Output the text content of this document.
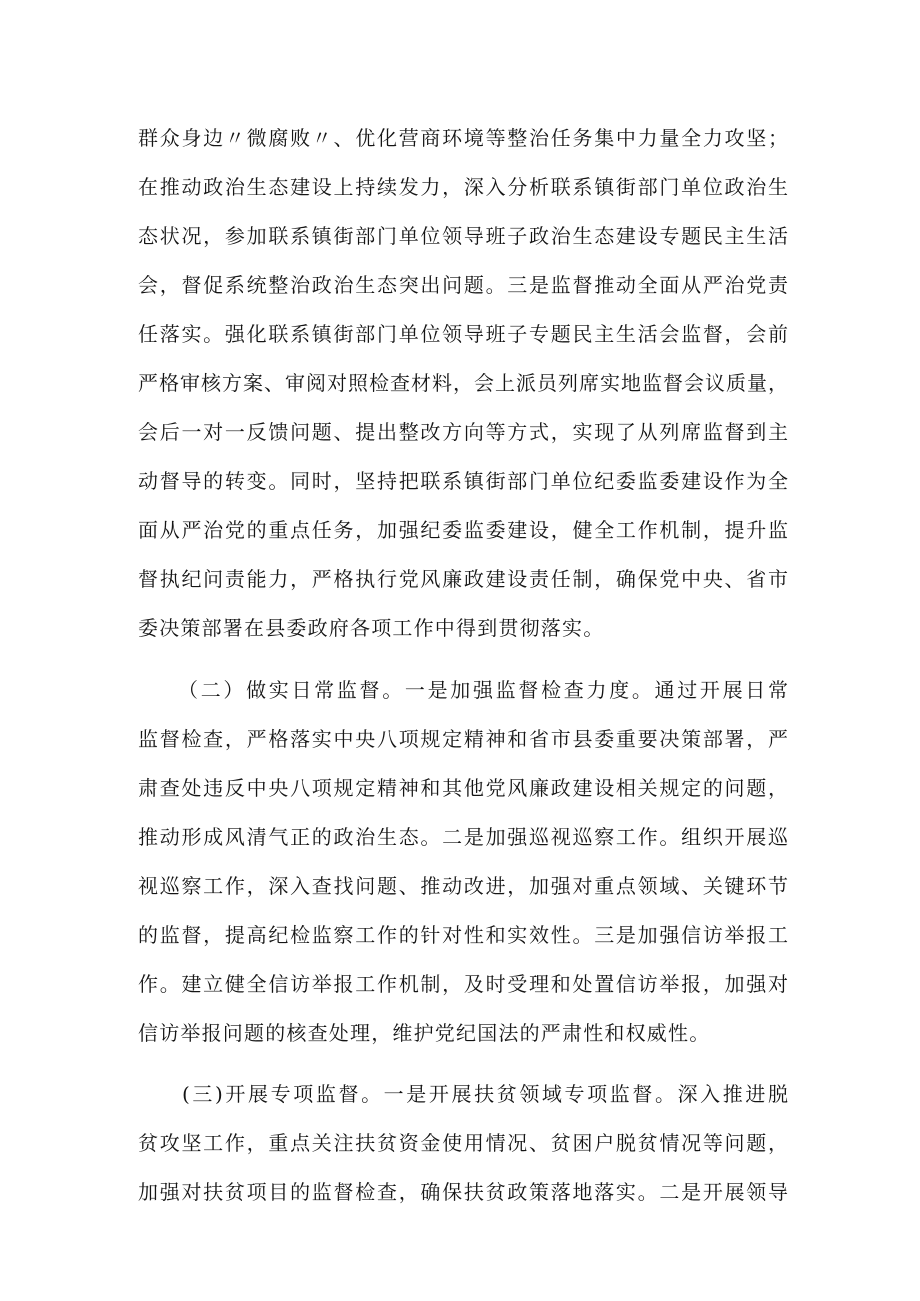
群众身边〃微腐败〃、优化营商环境等整治任务集中力量全力攻坚；
在推动政治生态建设上持续发力，深入分析联系镇街部门单位政治生
态状况，参加联系镇街部门单位领导班子政治生态建设专题民主生活
会，督促系统整治政治生态突出问题。三是监督推动全面从严治党责
任落实。强化联系镇街部门单位领导班子专题民主生活会监督，会前
严格审核方案、审阅对照检查材料，会上派员列席实地监督会议质量，
会后一对一反馈问题、提出整改方向等方式，实现了从列席监督到主
动督导的转变。同时，坚持把联系镇街部门单位纪委监委建设作为全
面从严治党的重点任务，加强纪委监委建设，健全工作机制，提升监
督执纪问责能力，严格执行党风廉政建设责任制，确保党中央、省市
委决策部署在县委政府各项工作中得到贯彻落实。
（二）做实日常监督。一是加强监督检查力度。通过开展日常
监督检查，严格落实中央八项规定精神和省市县委重要决策部署，严
肃查处违反中央八项规定精神和其他党风廉政建设相关规定的问题，
推动形成风清气正的政治生态。二是加强巡视巡察工作。组织开展巡
视巡察工作，深入查找问题、推动改进，加强对重点领域、关键环节
的监督，提高纪检监察工作的针对性和实效性。三是加强信访举报工
作。建立健全信访举报工作机制，及时受理和处置信访举报，加强对
信访举报问题的核查处理，维护党纪国法的严肃性和权威性。
(三)开展专项监督。一是开展扶贫领域专项监督。深入推进脱
贫攻坚工作，重点关注扶贫资金使用情况、贫困户脱贫情况等问题，
加强对扶贫项目的监督检查，确保扶贫政策落地落实。二是开展领导
